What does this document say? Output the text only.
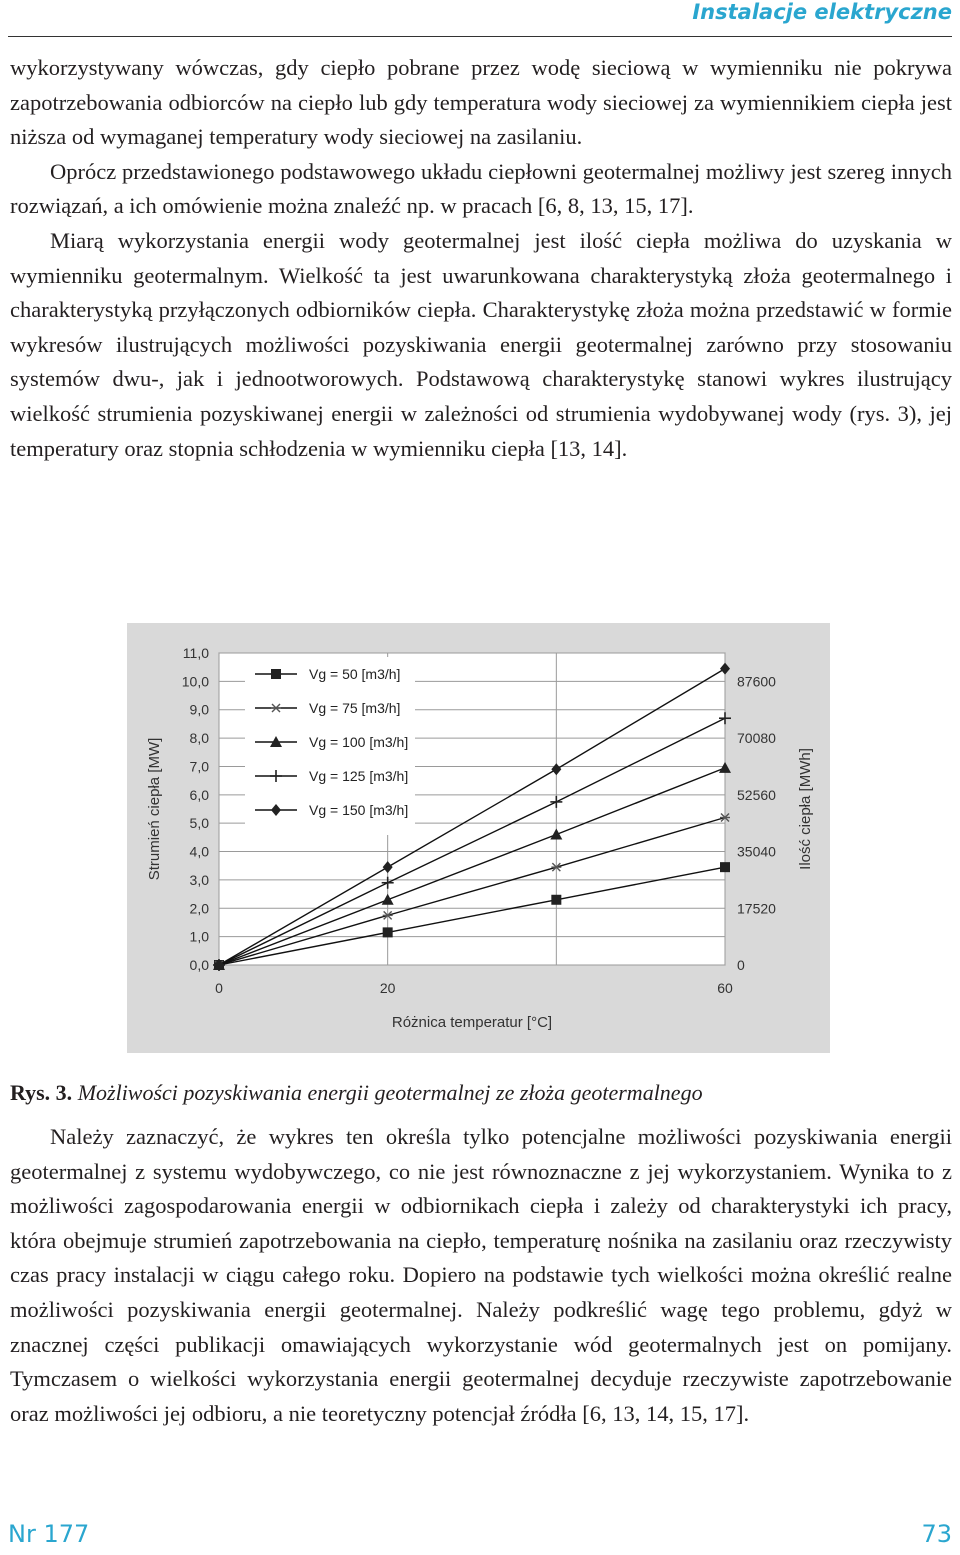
Instalacje elektryczne

wykorzystywany wówczas, gdy ciepło pobrane przez wodę sieciową w wymienniku nie pokrywa zapotrzebowania odbiorców na ciepło lub gdy temperatura wody sieciowej za wymiennikiem ciepła jest niższa od wymaganej temperatury wody sieciowej na zasilaniu.

Oprócz przedstawionego podstawowego układu ciepłowni geotermalnej możliwy jest szereg innych rozwiązań, a ich omówienie można znaleźć np. w pracach [6, 8, 13, 15, 17].

Miarą wykorzystania energii wody geotermalnej jest ilość ciepła możliwa do uzyskania w wymienniku geotermalnym. Wielkość ta jest uwarunkowana charakterystyką złoża geotermalnego i charakterystyką przyłączonych odbiorników ciepła. Charakterystykę złoża można przedstawić w formie wykresów ilustrujących możliwości pozyskiwania energii geotermalnej zarówno przy stosowaniu systemów dwu-, jak i jednootworowych. Podstawową charakterystykę stanowi wykres ilustrujący wielkość strumienia pozyskiwanej energii w zależności od strumienia wydobywanej wody (rys. 3), jej temperatury oraz stopnia schłodzenia w wymienniku ciepła [13, 14].

0,0
1,0
2,0
3,0
4,0
5,0
6,0
7,0
8,0
9,0
10,0
11,0
0
17520
35040
52560
70080
87600
0	20	60
Vg = 50 [m3/h]
Vg = 75 [m3/h]
Vg = 100 [m3/h]
Vg = 125 [m3/h]
Vg = 150 [m3/h]
Różnica temperatur [°C]
Strumień ciepła [MW]	Ilość ciepła [MWh]
Rys. 3. Możliwości pozyskiwania energii geotermalnej ze złoża geotermalnego

Należy zaznaczyć, że wykres ten określa tylko potencjalne możliwości pozyskiwania energii geotermalnej z systemu wydobywczego, co nie jest równoznaczne z jej wykorzystaniem. Wynika to z możliwości zagospodarowania energii w odbiornikach ciepła i zależy od charakterystyki ich pracy, która obejmuje strumień zapotrzebowania na ciepło, temperaturę nośnika na zasilaniu oraz rzeczywisty czas pracy instalacji w ciągu całego roku. Dopiero na podstawie tych wielkości można określić realne możliwości pozyskiwania energii geotermalnej. Należy podkreślić wagę tego problemu, gdyż w znacznej części publikacji omawiających wykorzystanie wód geotermalnych jest on pomijany. Tymczasem o wielkości wykorzystania energii geotermalnej decyduje rzeczywiste zapotrzebowanie oraz możliwości jej odbioru, a nie teoretyczny potencjał źródła [6, 13, 14, 15, 17].

Nr 177	73
